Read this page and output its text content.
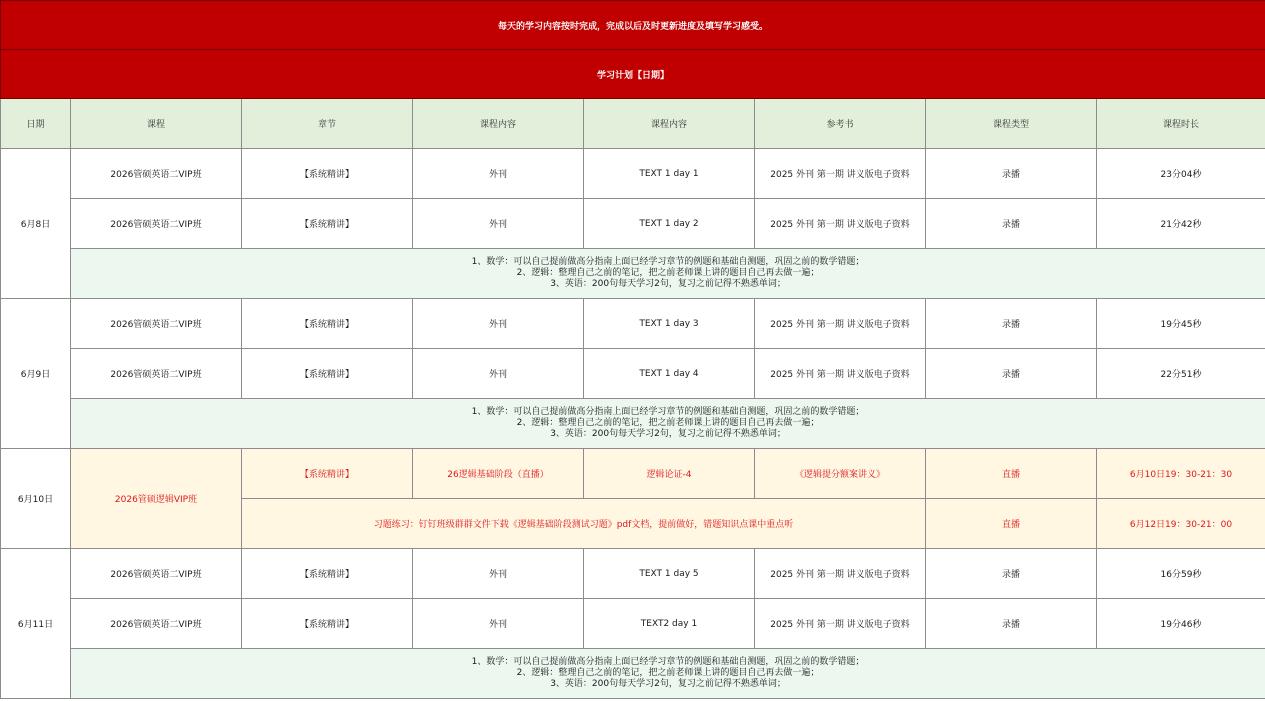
每天的学习内容按时完成，完成以后及时更新进度及填写学习感受。							
学习计划【日期】							
日期	课程	章节	课程内容	课程内容	参考书	课程类型	课程时长
6月8日	2026管硕英语二VIP班	【系统精讲】	外刊	TEXT 1 day 1	2025 外刊 第一期 讲义版电子资料	录播	23分04秒
	2026管硕英语二VIP班	【系统精讲】	外刊	TEXT 1 day 2	2025 外刊 第一期 讲义版电子资料	录播	21分42秒

	1、数学：可以自己提前做高分指南上面已经学习章节的例题和基础自测题，巩固之前的数学错题；
2、逻辑：整理自己之前的笔记，把之前老师课上讲的题目自己再去做一遍；
3、英语：200句每天学习2句，复习之前记得不熟悉单词；						

6月9日	2026管硕英语二VIP班	【系统精讲】	外刊	TEXT 1 day 3	2025 外刊 第一期 讲义版电子资料	录播	19分45秒
	2026管硕英语二VIP班	【系统精讲】	外刊	TEXT 1 day 4	2025 外刊 第一期 讲义版电子资料	录播	22分51秒

	1、数学：可以自己提前做高分指南上面已经学习章节的例题和基础自测题，巩固之前的数学错题；
2、逻辑：整理自己之前的笔记，把之前老师课上讲的题目自己再去做一遍；
3、英语：200句每天学习2句，复习之前记得不熟悉单词；						

6月10日	2026管硕逻辑VIP班	【系统精讲】	26逻辑基础阶段（直播）	逻辑论证-4	《逻辑提分额案讲义》	直播	6月10日19：30-21：30
		习题练习：钉钉班级群群文件下载《逻辑基础阶段测试习题》pdf文档，提前做好，错题知识点课中重点听				直播	6月12日19：30-21：00
6月11日	2026管硕英语二VIP班	【系统精讲】	外刊	TEXT 1 day 5	2025 外刊 第一期 讲义版电子资料	录播	16分59秒
	2026管硕英语二VIP班	【系统精讲】	外刊	TEXT2 day 1	2025 外刊 第一期 讲义版电子资料	录播	19分46秒

	1、数学：可以自己提前做高分指南上面已经学习章节的例题和基础自测题，巩固之前的数学错题；
2、逻辑：整理自己之前的笔记，把之前老师课上讲的题目自己再去做一遍；
3、英语：200句每天学习2句，复习之前记得不熟悉单词；						
